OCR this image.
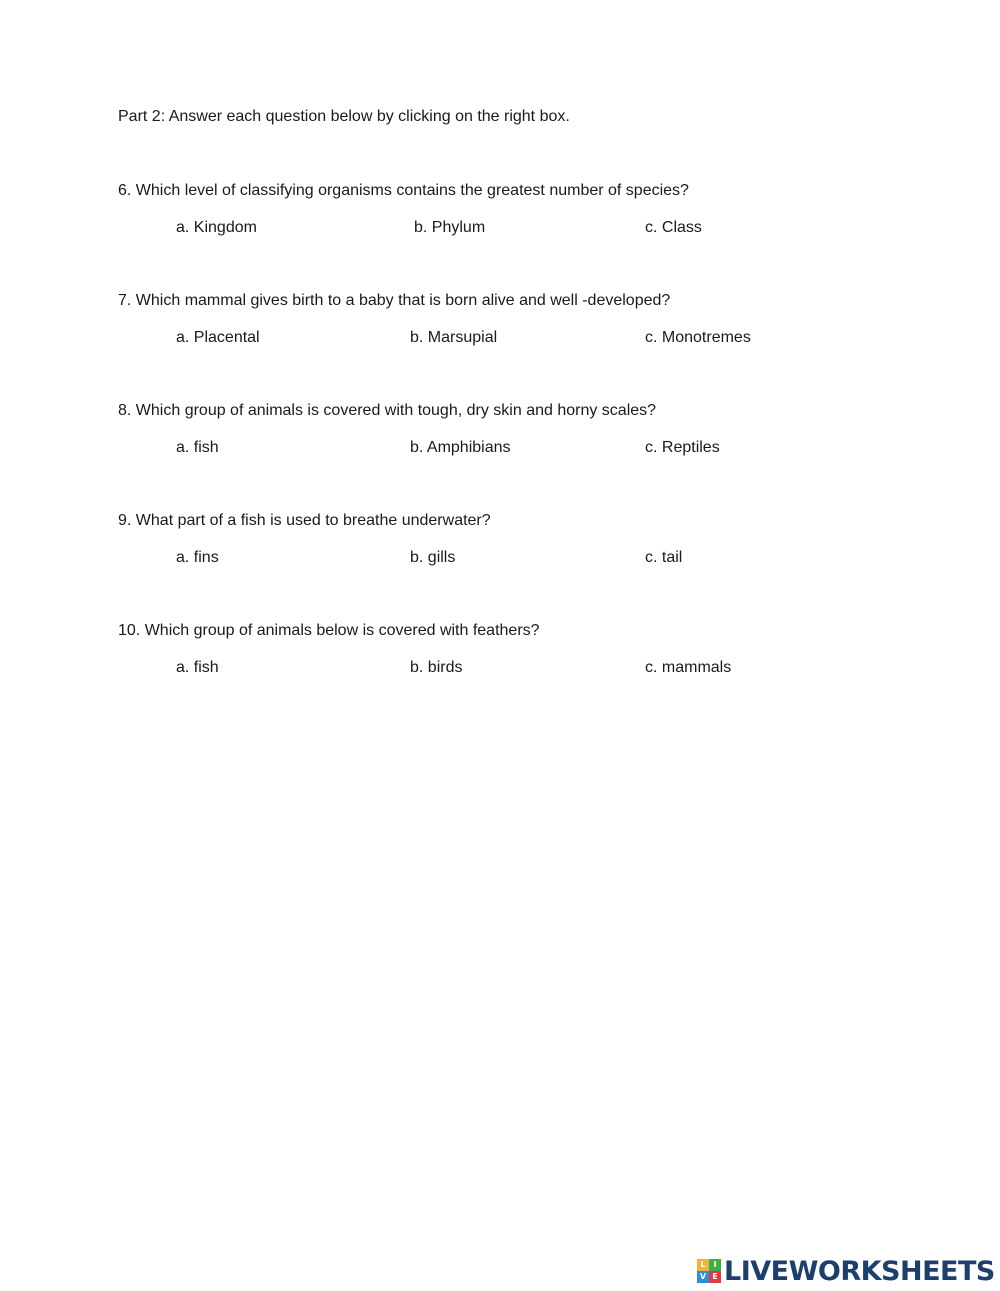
Part 2: Answer each question below by clicking on the right box.
6. Which level of classifying organisms contains the greatest number of species?
a. Kingdom	b. Phylum	c. Class
7. Which mammal gives birth to a baby that is born alive and well -developed?
a. Placental	b. Marsupial	c. Monotremes
8. Which group of animals is covered with tough, dry skin and horny scales?
a. fish	b. Amphibians	c. Reptiles
9. What part of a fish is used to breathe underwater?
a. fins	b. gills	c. tail
10. Which group of animals below is covered with feathers?
a. fish	b. birds	c. mammals
L I
V E LIVEWORKSHEETS
